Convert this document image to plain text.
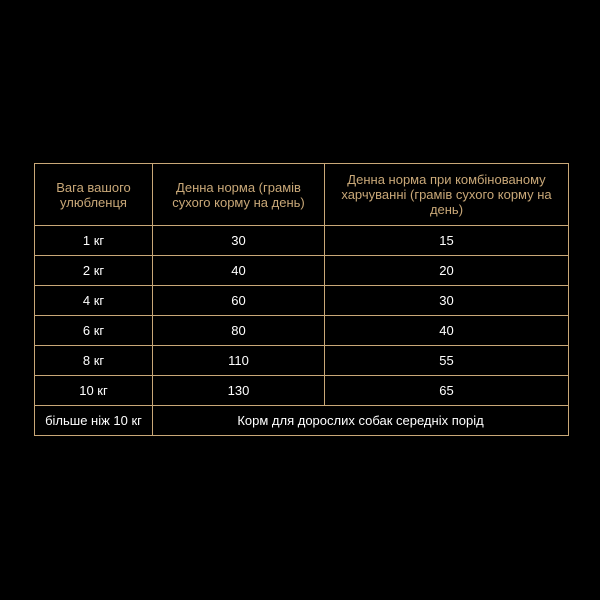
Вага вашого улюбленця	Денна норма (грамів сухого корму на день)	Денна норма при комбінованому харчуванні (грамів сухого корму на день)
1 кг	30	15
2 кг	40	20
4 кг	60	30
6 кг	80	40
8 кг	110	55
10 кг	130	65
більше ніж 10 кг	Корм для дорослих собак середніх порід	
